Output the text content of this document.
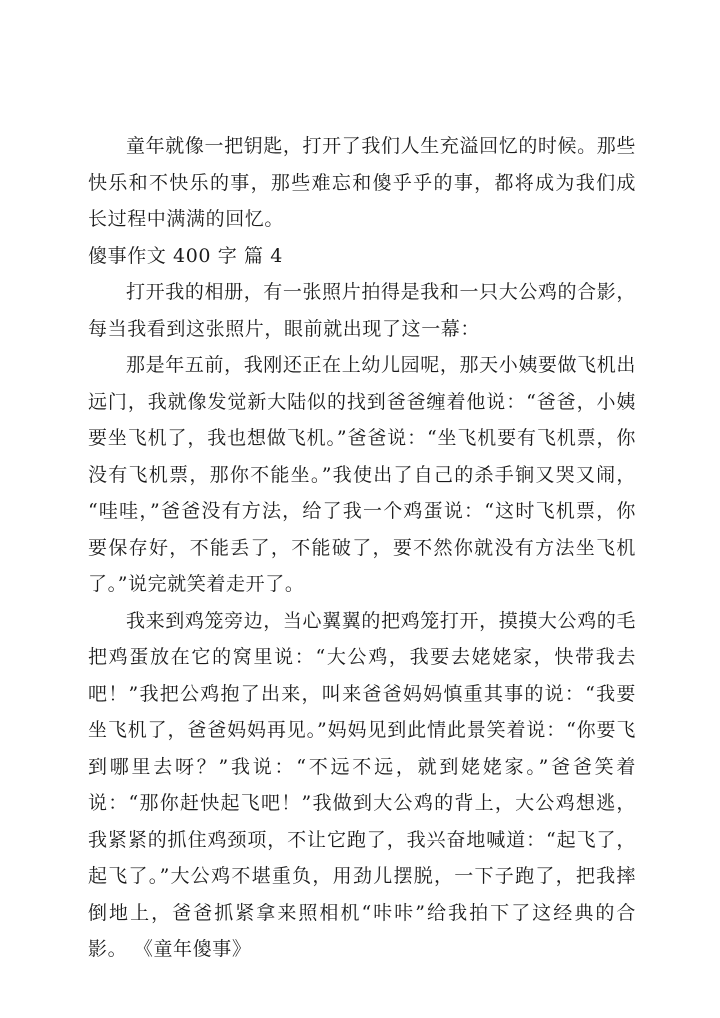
童年就像一把钥匙，打开了我们人生充溢回忆的时候。那些快乐和不快乐的事，那些难忘和傻乎乎的事，都将成为我们成长过程中满满的回忆。

傻事作文 400 字 篇 4

打开我的相册，有一张照片拍得是我和一只大公鸡的合影，每当我看到这张照片，眼前就出现了这一幕：

那是年五前，我刚还正在上幼儿园呢，那天小姨要做飞机出远门，我就像发觉新大陆似的找到爸爸缠着他说：“爸爸，小姨要坐飞机了，我也想做飞机。”爸爸说：“坐飞机要有飞机票，你没有飞机票，那你不能坐。”我使出了自己的杀手锏又哭又闹， “哇哇，”爸爸没有方法，给了我一个鸡蛋说：“这时飞机票，你要保存好，不能丢了，不能破了，要不然你就没有方法坐飞机了。”说完就笑着走开了。

我来到鸡笼旁边，当心翼翼的把鸡笼打开，摸摸大公鸡的毛把鸡蛋放在它的窝里说：“大公鸡，我要去姥姥家，快带我去吧！”我把公鸡抱了出来，叫来爸爸妈妈慎重其事的说：“我要坐飞机了，爸爸妈妈再见。”妈妈见到此情此景笑着说：“你要飞到哪里去呀？”我说：“不远不远，就到姥姥家。”爸爸笑着说：“那你赶快起飞吧！”我做到大公鸡的背上，大公鸡想逃，我紧紧的抓住鸡颈项，不让它跑了，我兴奋地喊道：“起飞了，起飞了。”大公鸡不堪重负，用劲儿摆脱，一下子跑了，把我摔倒地上，爸爸抓紧拿来照相机“咔咔”给我拍下了这经典的合影。 《童年傻事》
